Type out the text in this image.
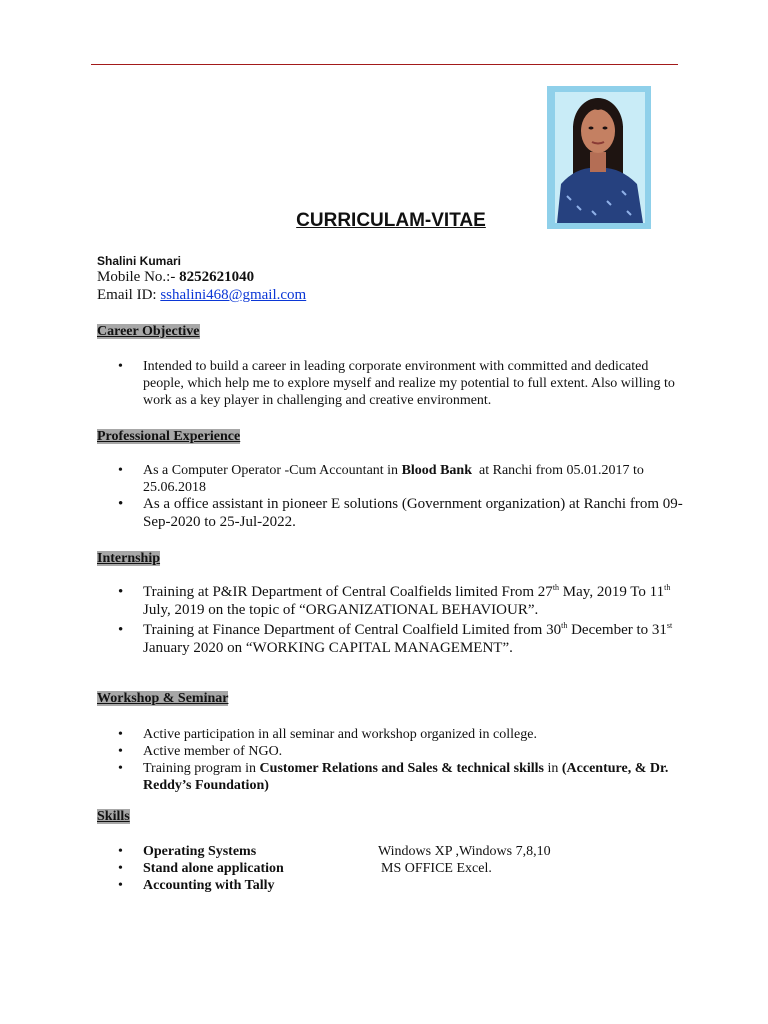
CURRICULAM-VITAE
Shalini Kumari
Mobile No.:- 8252621040
Email ID: sshalini468@gmail.com
Career Objective
• Intended to build a career in leading corporate environment with committed and dedicated people, which help me to explore myself and realize my potential to full extent. Also willing to work as a key player in challenging and creative environment.
Professional Experience
• As a Computer Operator -Cum Accountant in Blood Bank at Ranchi from 05.01.2017 to 25.06.2018
• As a office assistant in pioneer E solutions (Government organization) at Ranchi from 09-Sep-2020 to 25-Jul-2022.
Internship
• Training at P&IR Department of Central Coalfields limited From 27th May, 2019 To 11th July, 2019 on the topic of “ORGANIZATIONAL BEHAVIOUR”.
• Training at Finance Department of Central Coalfield Limited from 30th December to 31st January 2020 on “WORKING CAPITAL MANAGEMENT”.
Workshop & Seminar
• Active participation in all seminar and workshop organized in college.
• Active member of NGO.
• Training program in Customer Relations and Sales & technical skills in (Accenture, & Dr. Reddy’s Foundation)
Skills
• Operating Systems	Windows XP ,Windows 7,8,10
• Stand alone application	MS OFFICE Excel.
• Accounting with Tally
